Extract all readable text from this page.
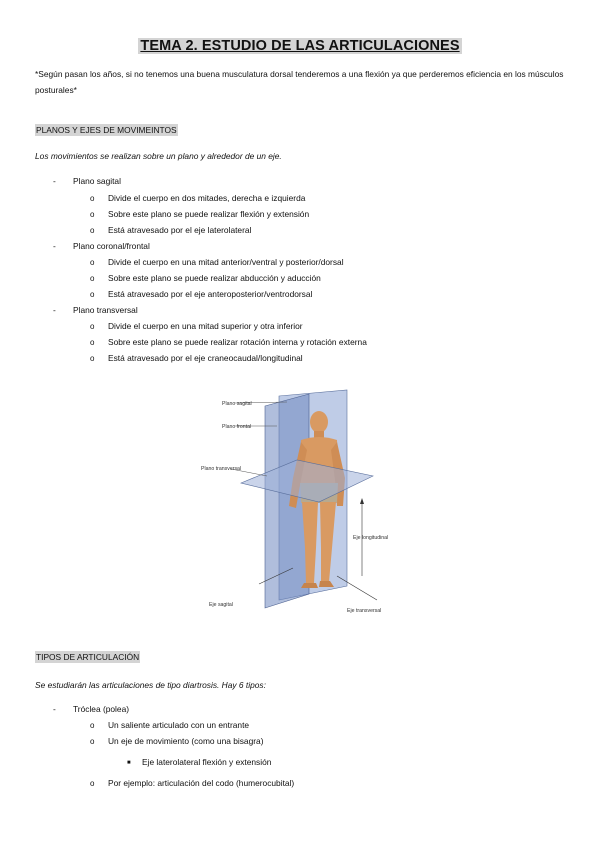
TEMA 2. ESTUDIO DE LAS ARTICULACIONES
*Según pasan los años, si no tenemos una buena musculatura dorsal tenderemos a una flexión ya que perderemos eficiencia en los músculos posturales*
PLANOS Y EJES DE MOVIMEINTOS
Los movimientos se realizan sobre un plano y alrededor de un eje.
- Plano sagital
o Divide el cuerpo en dos mitades, derecha e izquierda
o Sobre este plano se puede realizar flexión y extensión
o Está atravesado por el eje laterolateral
- Plano coronal/frontal
o Divide el cuerpo en una mitad anterior/ventral y posterior/dorsal
o Sobre este plano se puede realizar abducción y aducción
o Está atravesado por el eje anteroposterior/ventrodorsal
- Plano transversal
o Divide el cuerpo en una mitad superior y otra inferior
o Sobre este plano se puede realizar rotación interna y rotación externa
o Está atravesado por el eje craneocaudal/longitudinal
Plano sagital
Plano frontal
Plano transversal
Eje longitudinal
Eje sagital
Eje transversal
TIPOS DE ARTICULACIÓN
Se estudiarán las articulaciones de tipo diartrosis. Hay 6 tipos:
- Tróclea (polea)
o Un saliente articulado con un entrante
o Un eje de movimiento (como una bisagra)
■ Eje laterolateral flexión y extensión
o Por ejemplo: articulación del codo (humerocubital)
